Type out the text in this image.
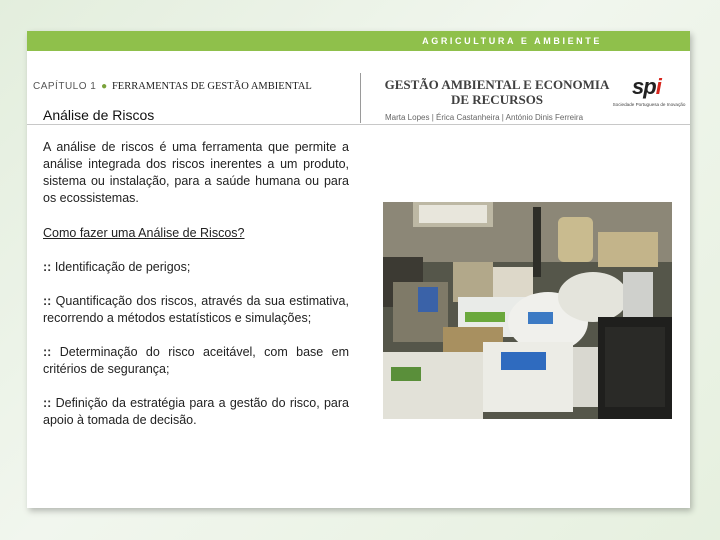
AGRICULTURA E AMBIENTE
CAPÍTULO 1 ● FERRAMENTAS DE GESTÃO AMBIENTAL	GESTÃO AMBIENTAL E ECONOMIA DE RECURSOS
Marta Lopes | Érica Castanheira | António Dinis Ferreira
spi
Sociedade Portuguesa de Inovação
Análise de Riscos

A análise de riscos é uma ferramenta que permite a análise integrada dos riscos inerentes a um produto, sistema ou instalação, para a saúde humana ou para os ecossistemas.

Como fazer uma Análise de Riscos?
:: Identificação de perigos;
:: Quantificação dos riscos, através da sua estimativa, recorrendo a métodos estatísticos e simulações;
:: Determinação do risco aceitável, com base em critérios de segurança;
:: Definição da estratégia para a gestão do risco, para apoio à tomada de decisão.
